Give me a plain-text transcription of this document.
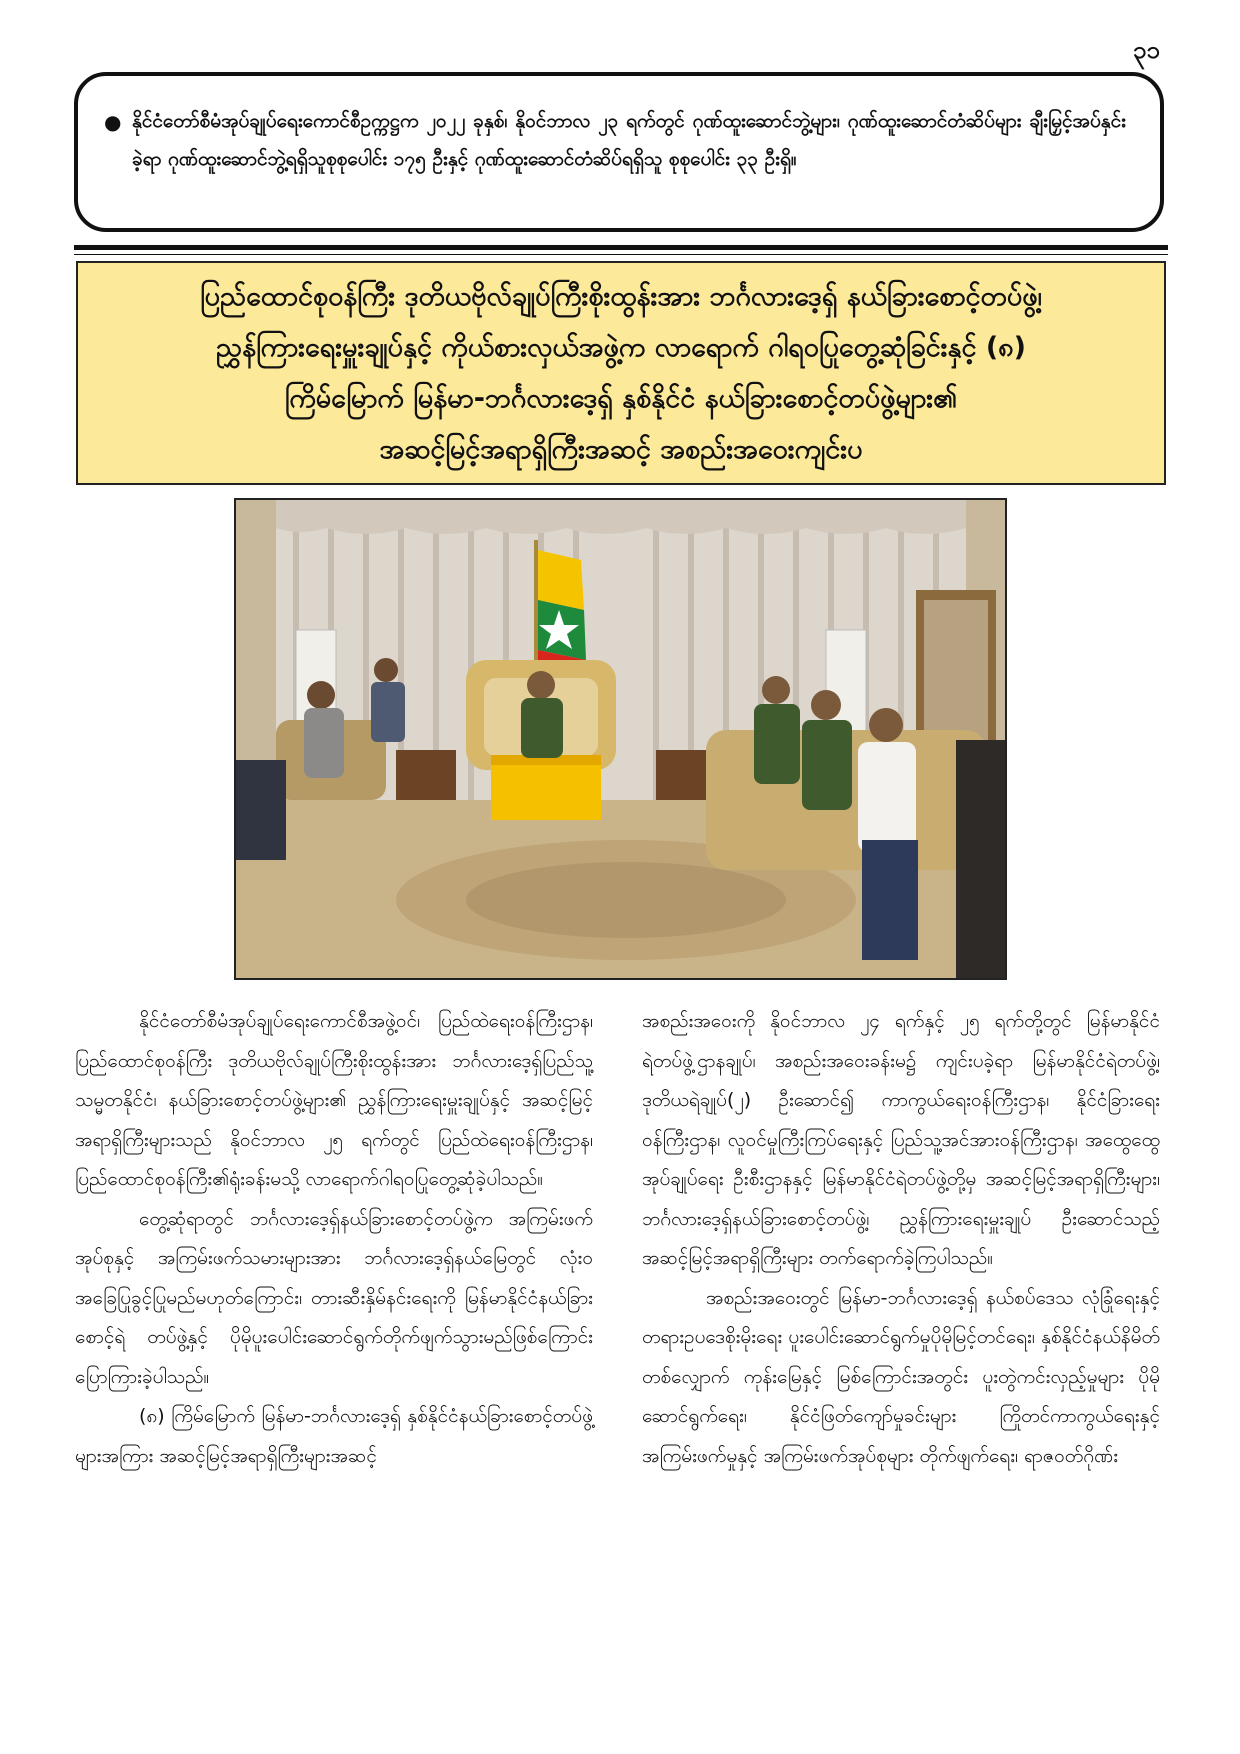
၃၁
● နိုင်ငံတော်စီမံအုပ်ချုပ်ရေးကောင်စီဥက္ကဋ္ဌက ၂၀၂၂ ခုနှစ်၊ နိုဝင်ဘာလ ၂၃ ရက်တွင် ဂုဏ်ထူးဆောင်ဘွဲ့များ၊ ဂုဏ်ထူးဆောင်တံဆိပ်များ ချီးမြှင့်အပ်နှင်းခဲ့ရာ ဂုဏ်ထူးဆောင်ဘွဲ့ရရှိသူစုစုပေါင်း ၁၇၅ ဦးနှင့် ဂုဏ်ထူးဆောင်တံဆိပ်ရရှိသူ စုစုပေါင်း ၃၃ ဦးရှိ။
ပြည်ထောင်စုဝန်ကြီး ဒုတိယဗိုလ်ချုပ်ကြီးစိုးထွန်းအား ဘင်္ဂလားဒေ့ရှ် နယ်ခြားစောင့်တပ်ဖွဲ့၊
ညွှန်ကြားရေးမှူးချုပ်နှင့် ကိုယ်စားလှယ်အဖွဲ့က လာရောက် ဂါရဝပြုတွေ့ဆုံခြင်းနှင့် (၈)
ကြိမ်မြောက် မြန်မာ-ဘင်္ဂလားဒေ့ရှ် နှစ်နိုင်ငံ နယ်ခြားစောင့်တပ်ဖွဲ့များ၏
အဆင့်မြင့်အရာရှိကြီးအဆင့် အစည်းအဝေးကျင်းပ

နိုင်ငံတော်စီမံအုပ်ချုပ်ရေးကောင်စီအဖွဲ့ဝင်၊ ပြည်ထဲရေးဝန်ကြီးဌာန၊ ပြည်ထောင်စုဝန်ကြီး ဒုတိယဗိုလ်ချုပ်ကြီးစိုးထွန်းအား ဘင်္ဂလားဒေ့ရှ်ပြည်သူ့သမ္မတနိုင်ငံ၊ နယ်ခြားစောင့်တပ်ဖွဲ့များ၏ ညွှန်ကြားရေးမှူးချုပ်နှင့် အဆင့်မြင့်အရာရှိကြီးများသည် နိုဝင်ဘာလ ၂၅ ရက်တွင် ပြည်ထဲရေးဝန်ကြီးဌာန၊ ပြည်ထောင်စုဝန်ကြီး၏ရုံးခန်းမသို့ လာရောက်ဂါရဝပြုတွေ့ဆုံခဲ့ပါသည်။

တွေ့ဆုံရာတွင် ဘင်္ဂလားဒေ့ရှ်နယ်ခြားစောင့်တပ်ဖွဲ့က အကြမ်းဖက်အုပ်စုနှင့် အကြမ်းဖက်သမားများအား ဘင်္ဂလားဒေ့ရှ်နယ်မြေတွင် လုံးဝအခြေပြုခွင့်ပြုမည်မဟုတ်ကြောင်း၊ တားဆီးနှိမ်နင်းရေးကို မြန်မာနိုင်ငံနယ်ခြားစောင့်ရဲ တပ်ဖွဲ့နှင့် ပိုမိုပူးပေါင်းဆောင်ရွက်တိုက်ဖျက်သွားမည်ဖြစ်ကြောင်း ပြောကြားခဲ့ပါသည်။

(၈) ကြိမ်မြောက် မြန်မာ-ဘင်္ဂလားဒေ့ရှ် နှစ်နိုင်ငံနယ်ခြားစောင့်တပ်ဖွဲ့များအကြား အဆင့်မြင့်အရာရှိကြီးများအဆင့်

အစည်းအဝေးကို နိုဝင်ဘာလ ၂၄ ရက်နှင့် ၂၅ ရက်တို့တွင် မြန်မာနိုင်ငံရဲတပ်ဖွဲ့ဌာနချုပ်၊ အစည်းအဝေးခန်းမ၌ ကျင်းပခဲ့ရာ မြန်မာနိုင်ငံရဲတပ်ဖွဲ့၊ ဒုတိယရဲချုပ်(၂) ဦးဆောင်၍ ကာကွယ်ရေးဝန်ကြီးဌာန၊ နိုင်ငံခြားရေးဝန်ကြီးဌာန၊ လူဝင်မှုကြီးကြပ်ရေးနှင့် ပြည်သူ့အင်အားဝန်ကြီးဌာန၊ အထွေထွေအုပ်ချုပ်ရေး ဦးစီးဌာနနှင့် မြန်မာနိုင်ငံရဲတပ်ဖွဲ့တို့မှ အဆင့်မြင့်အရာရှိကြီးများ၊ ဘင်္ဂလားဒေ့ရှ်နယ်ခြားစောင့်တပ်ဖွဲ့၊ ညွှန်ကြားရေးမှူးချုပ် ဦးဆောင်သည့် အဆင့်မြင့်အရာရှိကြီးများ တက်ရောက်ခဲ့ကြပါသည်။

အစည်းအဝေးတွင် မြန်မာ-ဘင်္ဂလားဒေ့ရှ် နယ်စပ်ဒေသ လုံခြုံရေးနှင့် တရားဥပဒေစိုးမိုးရေး ပူးပေါင်းဆောင်ရွက်မှုပိုမိုမြင့်တင်ရေး၊ နှစ်နိုင်ငံနယ်နိမိတ်တစ်လျှောက် ကုန်းမြေနှင့် မြစ်ကြောင်းအတွင်း ပူးတွဲကင်းလှည့်မှုများ ပိုမိုဆောင်ရွက်ရေး၊ နိုင်ငံဖြတ်ကျော်မှုခင်းများ ကြိုတင်ကာကွယ်ရေးနှင့် အကြမ်းဖက်မှုနှင့် အကြမ်းဖက်အုပ်စုများ တိုက်ဖျက်ရေး၊ ရာဇဝတ်ဂိုဏ်း
